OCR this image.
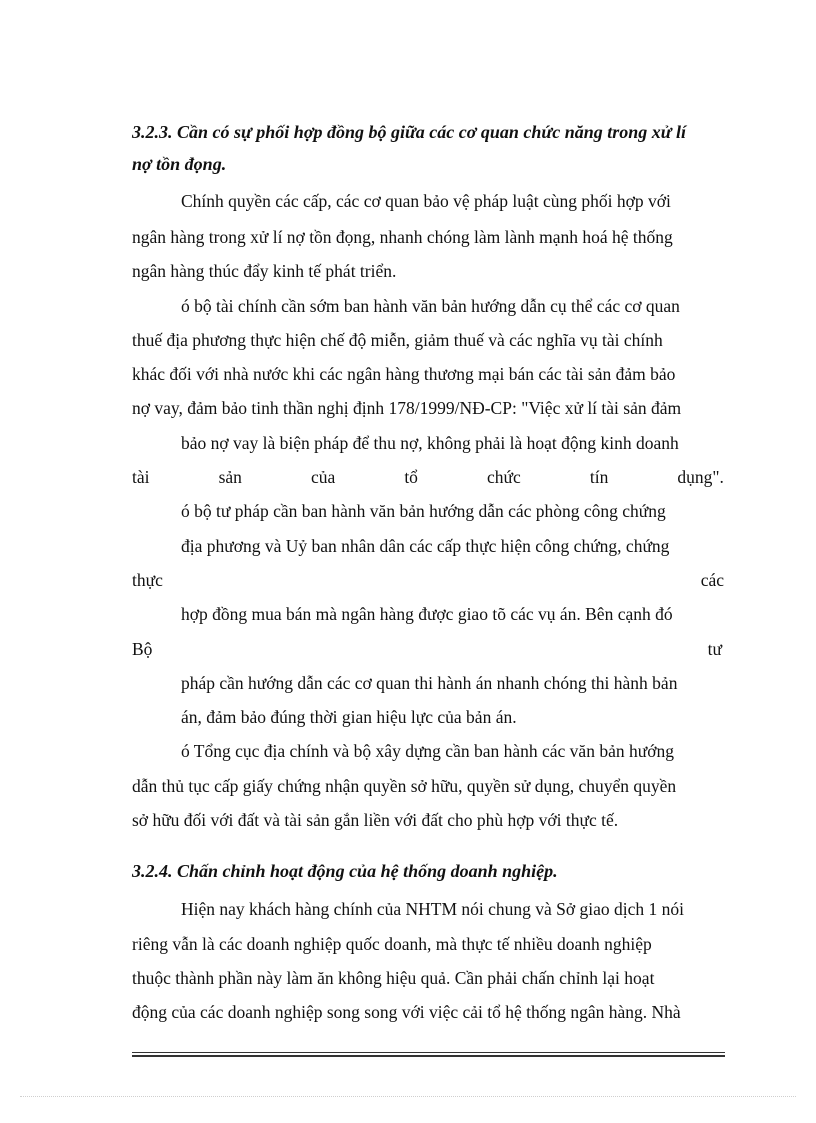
3.2.3. Cần có sự phối hợp đồng bộ giữa các cơ quan chức năng trong xử lí
nợ tồn đọng.
Chính quyền các cấp, các cơ quan bảo vệ pháp luật cùng phối hợp với
ngân hàng trong xử lí nợ tồn đọng, nhanh chóng làm lành mạnh hoá hệ thống
ngân hàng thúc đẩy kinh tế phát triển.
ó bộ tài chính cần sớm ban hành văn bản hướng dẫn cụ thể các cơ quan
thuế địa phương thực hiện chế độ miễn, giảm thuế và các nghĩa vụ tài chính
khác đối với nhà nước khi các ngân hàng thương mại bán các tài sản đảm bảo
nợ vay, đảm bảo tinh thần nghị định 178/1999/NĐ-CP: "Việc xử lí tài sản đảm
bảo nợ vay là biện pháp để thu nợ, không phải là hoạt động kinh doanh
tài	sản	của	tổ	chức	tín	dụng".
ó bộ tư pháp cần ban hành văn bản hướng dẫn các phòng công chứng
địa phương và Uỷ ban nhân dân các cấp thực hiện công chứng, chứng
thực	các
hợp đồng mua bán mà ngân hàng được giao tõ các vụ án. Bên cạnh đó
Bộ	tư
pháp cần hướng dẫn các cơ quan thi hành án nhanh chóng thi hành bản
án, đảm bảo đúng thời gian hiệu lực của bản án.
ó Tổng cục địa chính và bộ xây dựng cần ban hành các văn bản hướng
dẫn thủ tục cấp giấy chứng nhận quyền sở hữu, quyền sử dụng, chuyển quyền
sở hữu đối với đất và tài sản gắn liền với đất cho phù hợp với thực tế.
3.2.4. Chấn chỉnh hoạt động của hệ thống doanh nghiệp.
Hiện nay khách hàng chính của NHTM nói chung và Sở giao dịch 1 nói
riêng vẫn là các doanh nghiệp quốc doanh, mà thực tế nhiều doanh nghiệp
thuộc thành phần này làm ăn không hiệu quả. Cần phải chấn chỉnh lại hoạt
động của các doanh nghiệp song song với việc cải tổ hệ thống ngân hàng. Nhà
